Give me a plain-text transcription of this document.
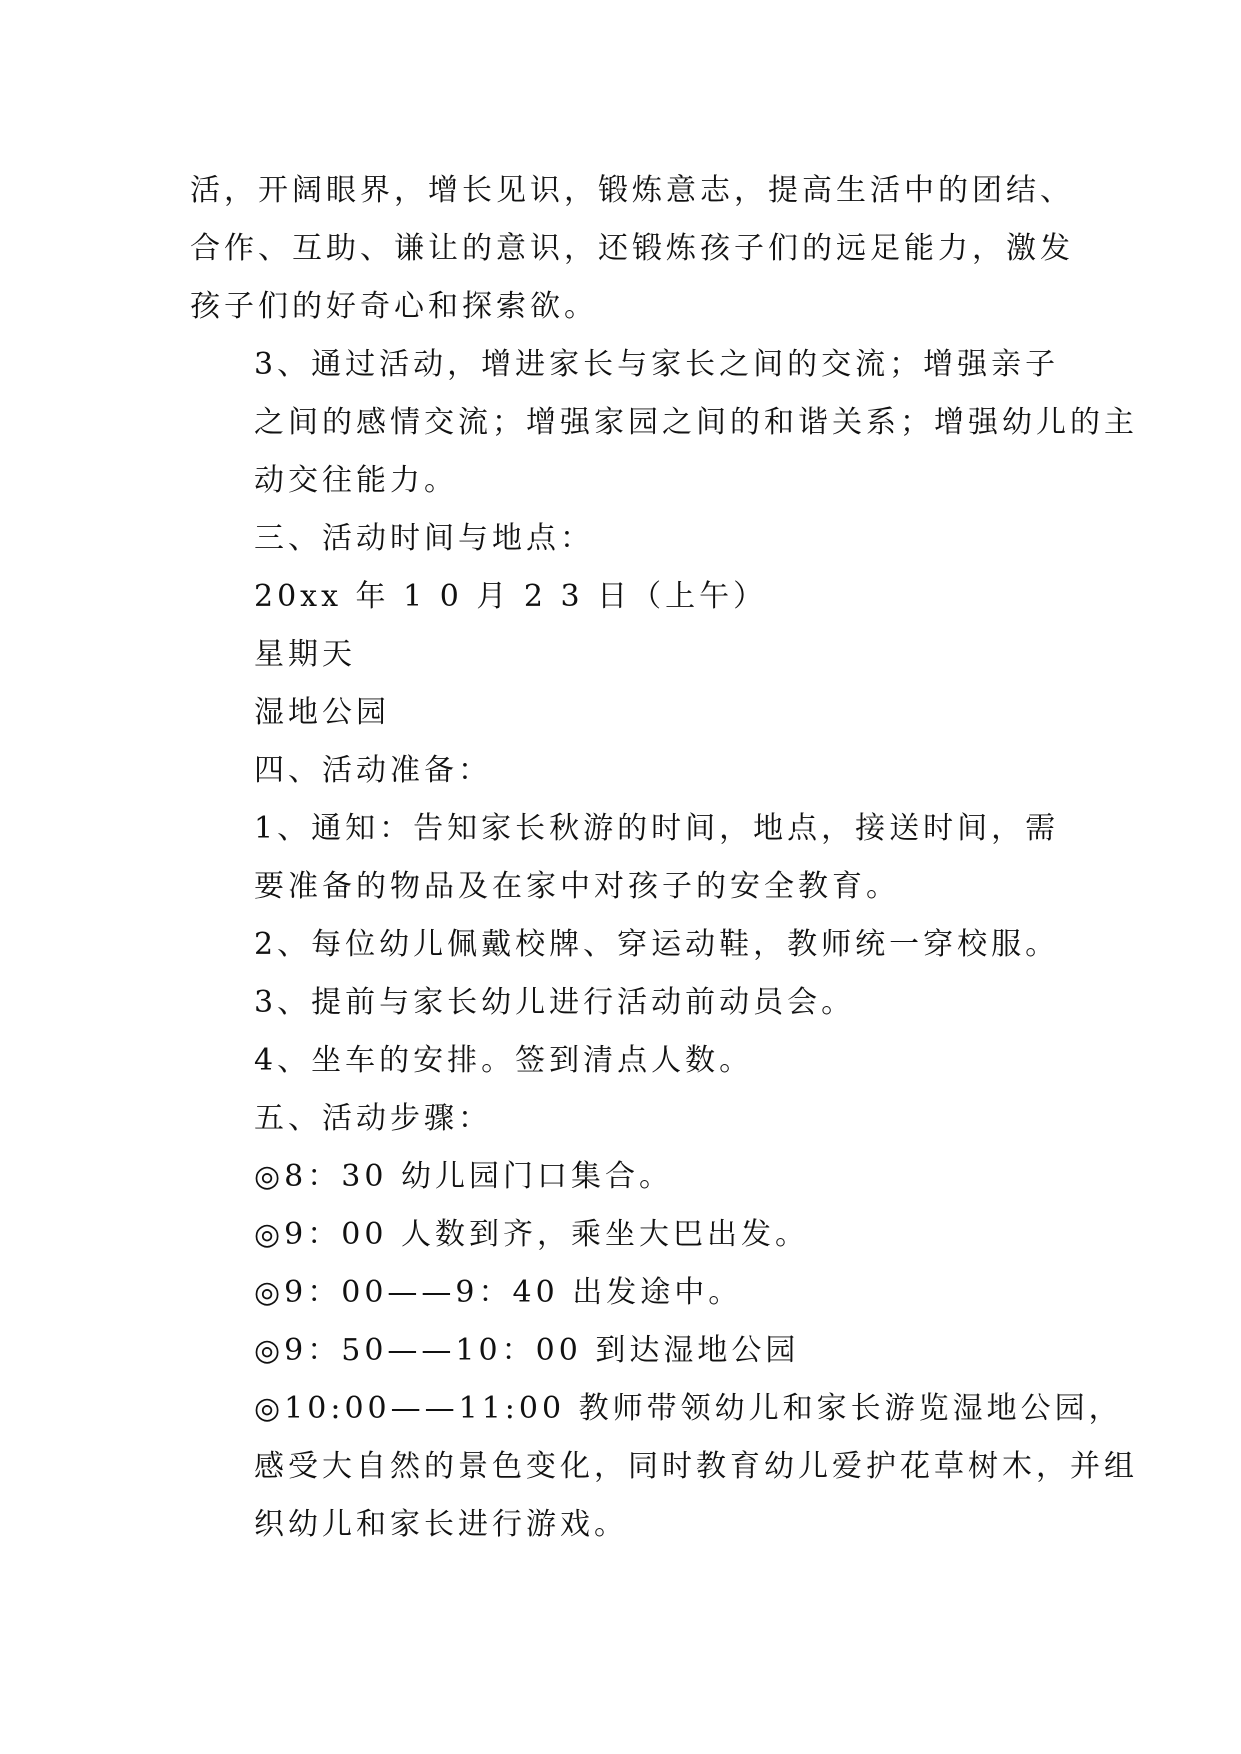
活，开阔眼界，增长见识，锻炼意志，提高生活中的团结、
合作、互助、谦让的意识，还锻炼孩子们的远足能力，激发
孩子们的好奇心和探索欲。

3、通过活动，增进家长与家长之间的交流；增强亲子
之间的感情交流；增强家园之间的和谐关系；增强幼儿的主
动交往能力。

三、活动时间与地点：

20xx 年 1 0 月 2 3 日（上午）

星期天

湿地公园

四、活动准备：

1、通知：告知家长秋游的时间，地点，接送时间，需
要准备的物品及在家中对孩子的安全教育。

2、每位幼儿佩戴校牌、穿运动鞋，教师统一穿校服。

3、提前与家长幼儿进行活动前动员会。

4、坐车的安排。签到清点人数。

五、活动步骤：

◎8：30 幼儿园门口集合。

◎9：00 人数到齐，乘坐大巴出发。

◎9：00——9：40 出发途中。

◎9：50——10：00 到达湿地公园

◎10:00——11:00 教师带领幼儿和家长游览湿地公园，
感受大自然的景色变化，同时教育幼儿爱护花草树木，并组
织幼儿和家长进行游戏。
